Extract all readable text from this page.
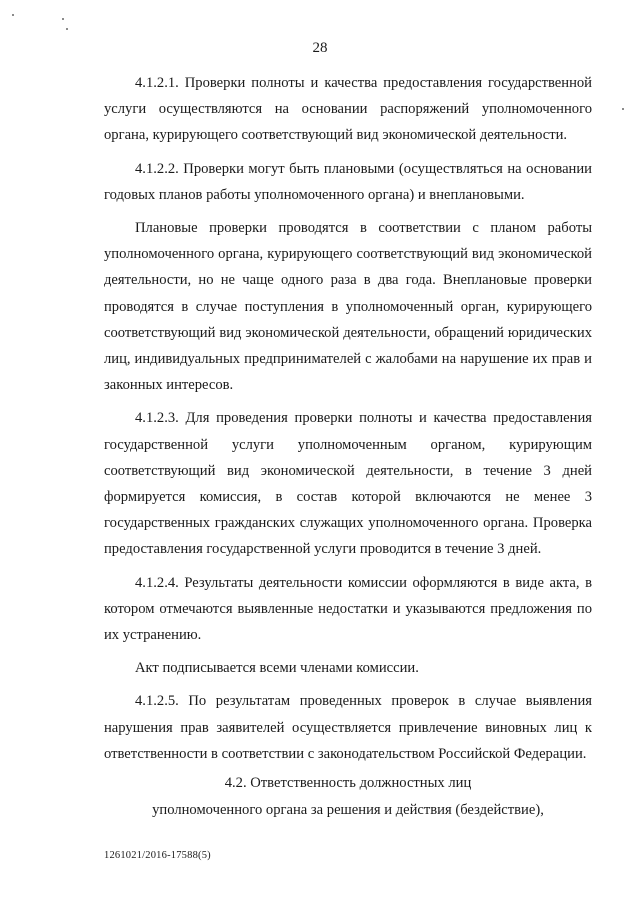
28

4.1.2.1. Проверки полноты и качества предоставления государственной услуги осуществляются на основании распоряжений уполномоченного органа, курирующего соответствующий вид экономической деятельности.

4.1.2.2. Проверки могут быть плановыми (осуществляться на основании годовых планов работы уполномоченного органа) и внеплановыми.

Плановые проверки проводятся в соответствии с планом работы уполномоченного органа, курирующего соответствующий вид экономической деятельности, но не чаще одного раза в два года. Внеплановые проверки проводятся в случае поступления в уполномоченный орган, курирующего соответствующий вид экономической деятельности, обращений юридических лиц, индивидуальных предпринимателей с жалобами на нарушение их прав и законных интересов.

4.1.2.3. Для проведения проверки полноты и качества предоставления государственной услуги уполномоченным органом, курирующим соответствующий вид экономической деятельности, в течение 3 дней формируется комиссия, в состав которой включаются не менее 3 государственных гражданских служащих уполномоченного органа. Проверка предоставления государственной услуги проводится в течение 3 дней.

4.1.2.4. Результаты деятельности комиссии оформляются в виде акта, в котором отмечаются выявленные недостатки и указываются предложения по их устранению.

Акт подписывается всеми членами комиссии.

4.1.2.5. По результатам проведенных проверок в случае выявления нарушения прав заявителей осуществляется привлечение виновных лиц к ответственности в соответствии с законодательством Российской Федерации.

4.2. Ответственность должностных лиц
уполномоченного органа за решения и действия (бездействие),
1261021/2016-17588(5)
